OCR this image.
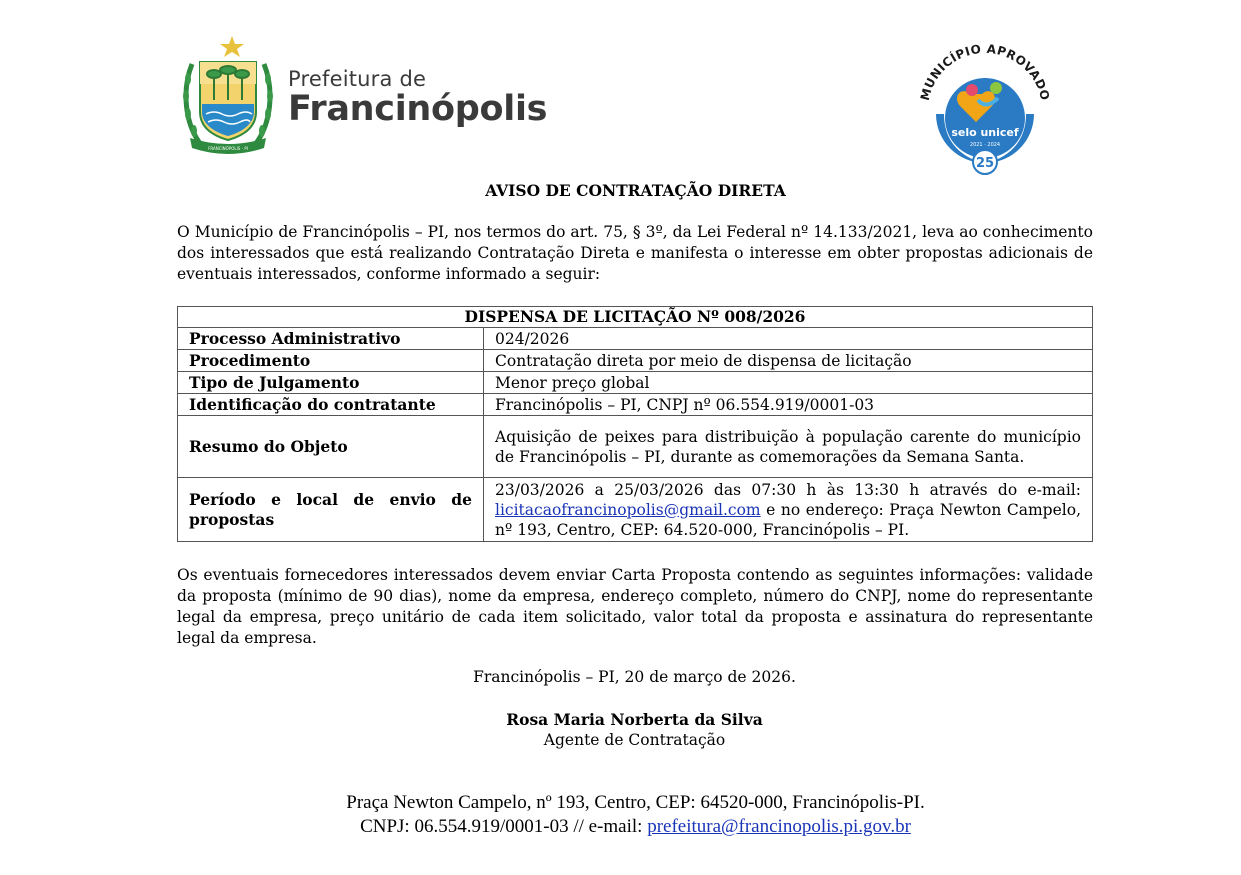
FRANCINÓPOLIS - PI
Prefeitura de
Francinópolis	MUNICÍPIO APROVADO
selo unicef
2021 · 2024
25
AVISO DE CONTRATAÇÃO DIRETA

O Município de Francinópolis – PI, nos termos do art. 75, § 3º, da Lei Federal nº 14.133/2021, leva ao conhecimento dos interessados que está realizando Contratação Direta e manifesta o interesse em obter propostas adicionais de eventuais interessados, conforme informado a seguir:

DISPENSA DE LICITAÇÃO Nº 008/2026	
Processo Administrativo	024/2026
Procedimento	Contratação direta por meio de dispensa de licitação
Tipo de Julgamento	Menor preço global
Identificação do contratante	Francinópolis – PI, CNPJ nº 06.554.919/0001-03
Resumo do Objeto	Aquisição de peixes para distribuição à população carente do município de Francinópolis – PI, durante as comemorações da Semana Santa.
Período e local de envio de propostas	23/03/2026 a 25/03/2026 das 07:30 h às 13:30 h através do e-mail: licitacaofrancinopolis@gmail.com e no endereço: Praça Newton Campelo, nº 193, Centro, CEP: 64.520-000, Francinópolis – PI.

Os eventuais fornecedores interessados devem enviar Carta Proposta contendo as seguintes informações: validade da proposta (mínimo de 90 dias), nome da empresa, endereço completo, número do CNPJ, nome do representante legal da empresa, preço unitário de cada item solicitado, valor total da proposta e assinatura do representante legal da empresa.

Francinópolis – PI, 20 de março de 2026.
Rosa Maria Norberta da Silva
Agente de Contratação
Praça Newton Campelo, nº 193, Centro, CEP: 64520-000, Francinópolis-PI.
CNPJ: 06.554.919/0001-03 // e-mail: prefeitura@francinopolis.pi.gov.br
